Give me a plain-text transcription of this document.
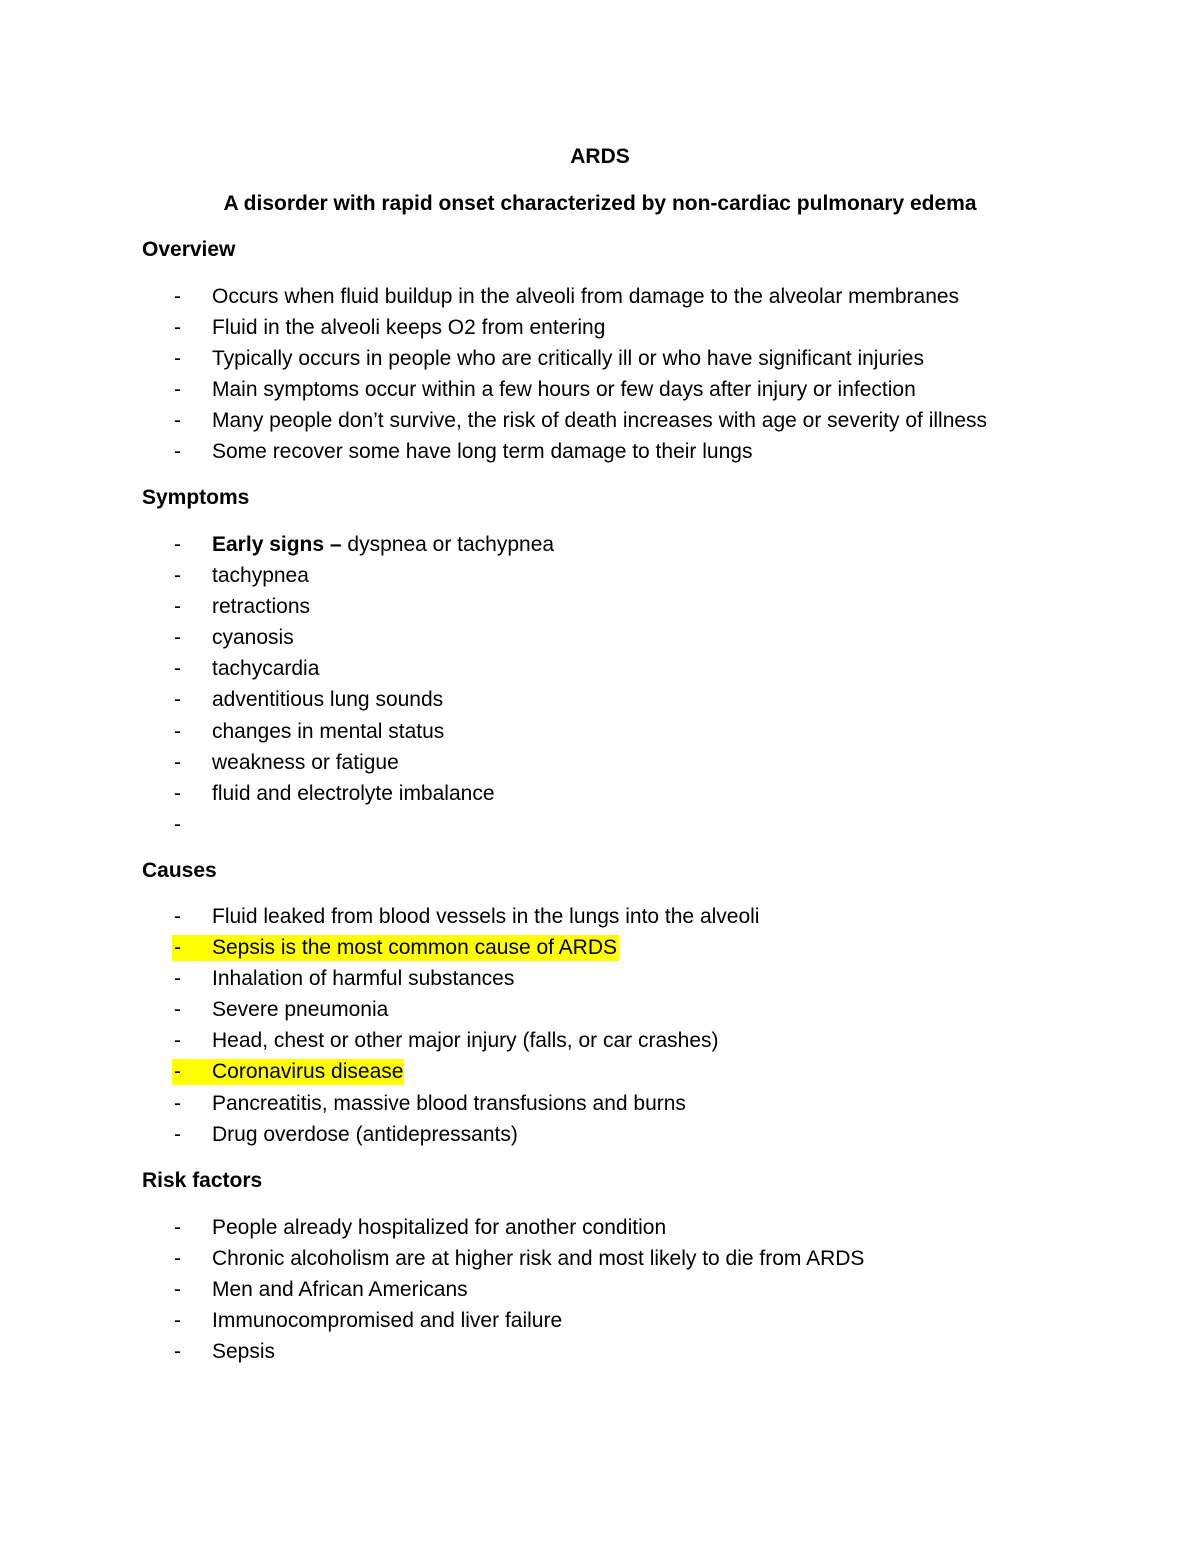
ARDS
A disorder with rapid onset characterized by non-cardiac pulmonary edema
Overview
- Occurs when fluid buildup in the alveoli from damage to the alveolar membranes
- Fluid in the alveoli keeps O2 from entering
- Typically occurs in people who are critically ill or who have significant injuries
- Main symptoms occur within a few hours or few days after injury or infection
- Many people don’t survive, the risk of death increases with age or severity of illness
- Some recover some have long term damage to their lungs
Symptoms
- Early signs – dyspnea or tachypnea
- tachypnea
- retractions
- cyanosis
- tachycardia
- adventitious lung sounds
- changes in mental status
- weakness or fatigue
- fluid and electrolyte imbalance
-
Causes
- Fluid leaked from blood vessels in the lungs into the alveoli
- Sepsis is the most common cause of ARDS
- Inhalation of harmful substances
- Severe pneumonia
- Head, chest or other major injury (falls, or car crashes)
- Coronavirus disease
- Pancreatitis, massive blood transfusions and burns
- Drug overdose (antidepressants)
Risk factors
- People already hospitalized for another condition
- Chronic alcoholism are at higher risk and most likely to die from ARDS
- Men and African Americans
- Immunocompromised and liver failure
- Sepsis
